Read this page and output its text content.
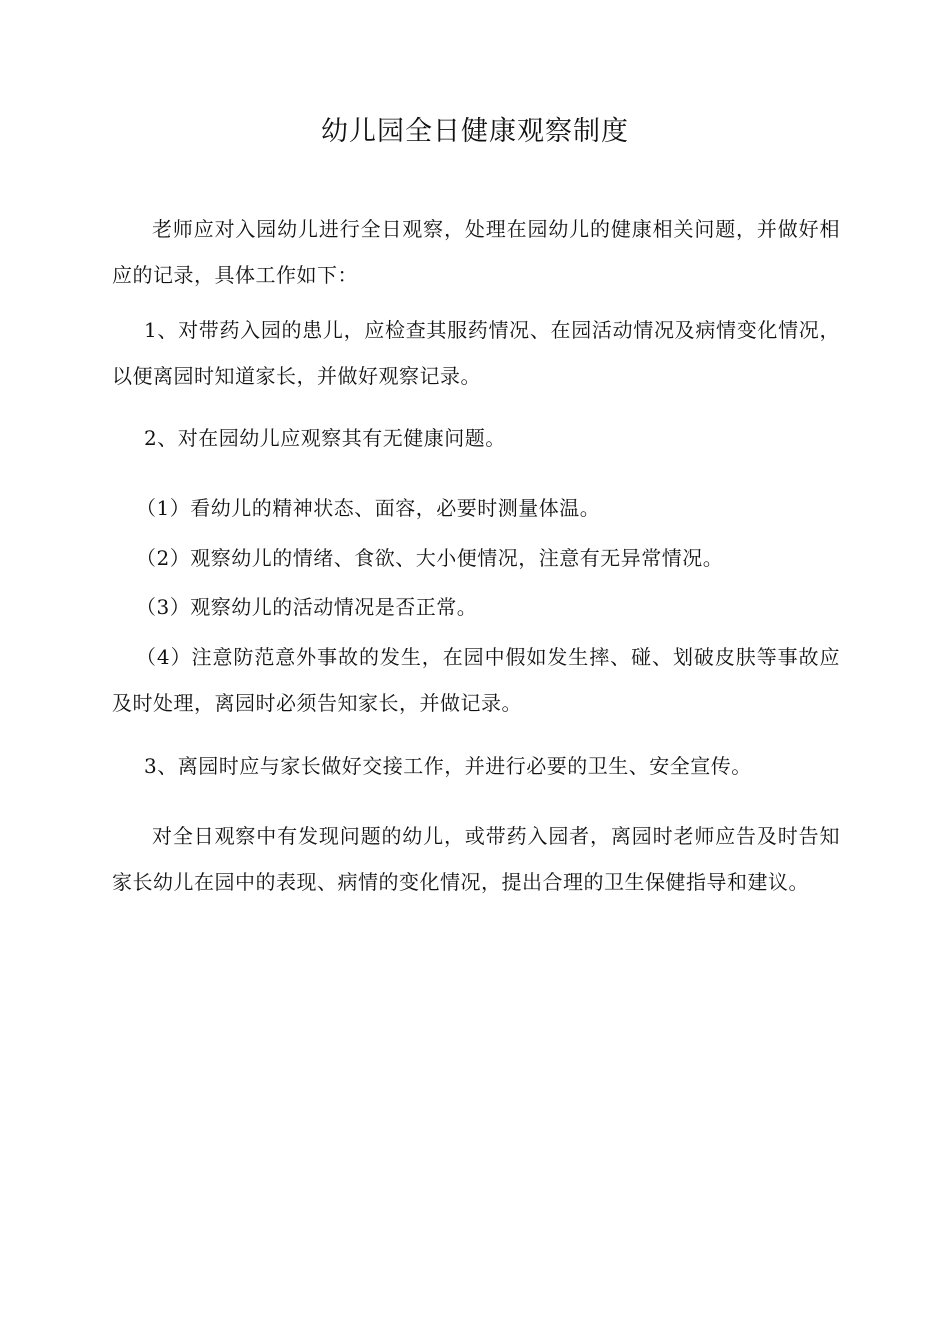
幼儿园全日健康观察制度

老师应对入园幼儿进行全日观察，处理在园幼儿的健康相关问题，并做好相应的记录，具体工作如下：

1、对带药入园的患儿，应检查其服药情况、在园活动情况及病情变化情况，以便离园时知道家长，并做好观察记录。

2、对在园幼儿应观察其有无健康问题。

（1）看幼儿的精神状态、面容，必要时测量体温。

（2）观察幼儿的情绪、食欲、大小便情况，注意有无异常情况。

（3）观察幼儿的活动情况是否正常。

（4）注意防范意外事故的发生，在园中假如发生摔、碰、划破皮肤等事故应及时处理，离园时必须告知家长，并做记录。

3、离园时应与家长做好交接工作，并进行必要的卫生、安全宣传。

对全日观察中有发现问题的幼儿，或带药入园者，离园时老师应告及时告知家长幼儿在园中的表现、病情的变化情况，提出合理的卫生保健指导和建议。
